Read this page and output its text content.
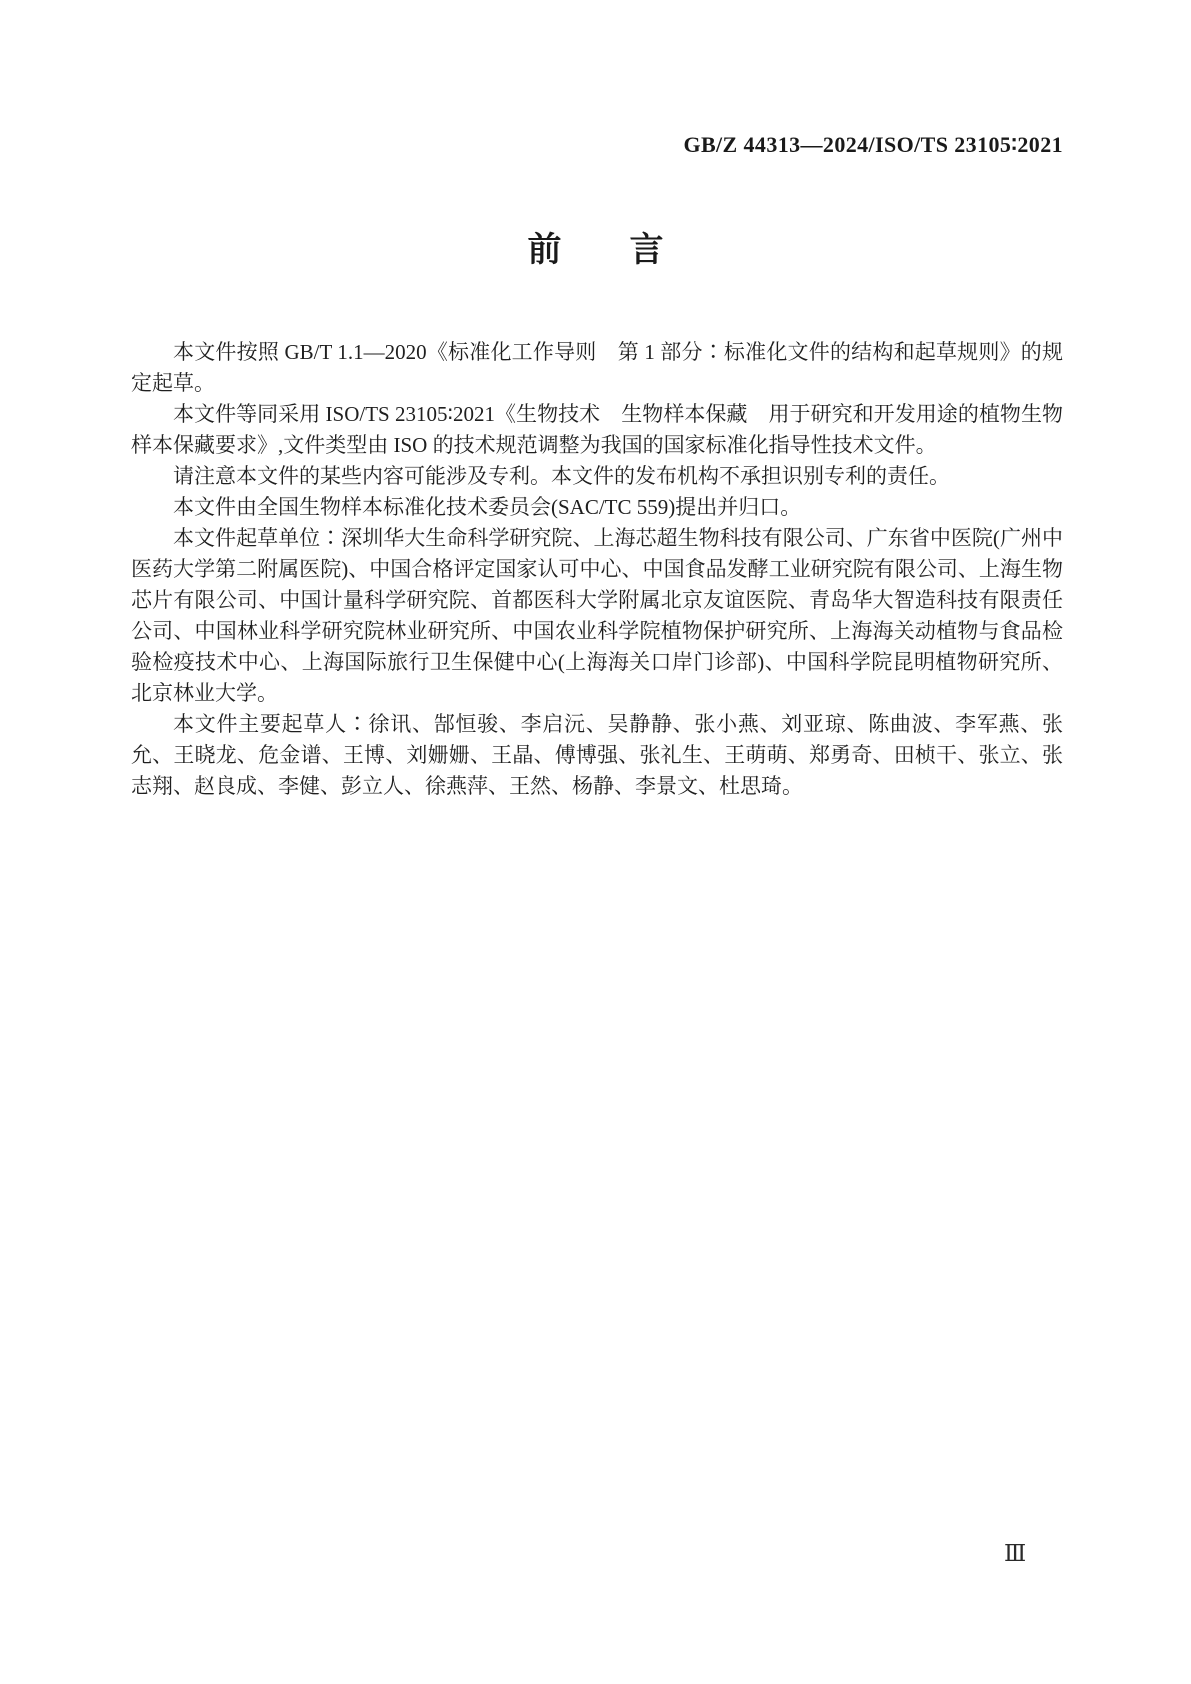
GB/Z 44313—2024/ISO/TS 23105∶2021
前　　言

本文件按照 GB/T 1.1—2020《标准化工作导则　第 1 部分∶标准化文件的结构和起草规则》的规定起草。

本文件等同采用 ISO/TS 23105∶2021《生物技术　生物样本保藏　用于研究和开发用途的植物生物样本保藏要求》,文件类型由 ISO 的技术规范调整为我国的国家标准化指导性技术文件。

请注意本文件的某些内容可能涉及专利。本文件的发布机构不承担识别专利的责任。

本文件由全国生物样本标准化技术委员会(SAC/TC 559)提出并归口。

本文件起草单位∶深圳华大生命科学研究院、上海芯超生物科技有限公司、广东省中医院(广州中医药大学第二附属医院)、中国合格评定国家认可中心、中国食品发酵工业研究院有限公司、上海生物芯片有限公司、中国计量科学研究院、首都医科大学附属北京友谊医院、青岛华大智造科技有限责任公司、中国林业科学研究院林业研究所、中国农业科学院植物保护研究所、上海海关动植物与食品检验检疫技术中心、上海国际旅行卫生保健中心(上海海关口岸门诊部)、中国科学院昆明植物研究所、北京林业大学。

本文件主要起草人∶徐讯、郜恒骏、李启沅、吴静静、张小燕、刘亚琼、陈曲波、李军燕、张允、王晓龙、危金谱、王博、刘姗姗、王晶、傅博强、张礼生、王萌萌、郑勇奇、田桢干、张立、张志翔、赵良成、李健、彭立人、徐燕萍、王然、杨静、李景文、杜思琦。

Ⅲ
